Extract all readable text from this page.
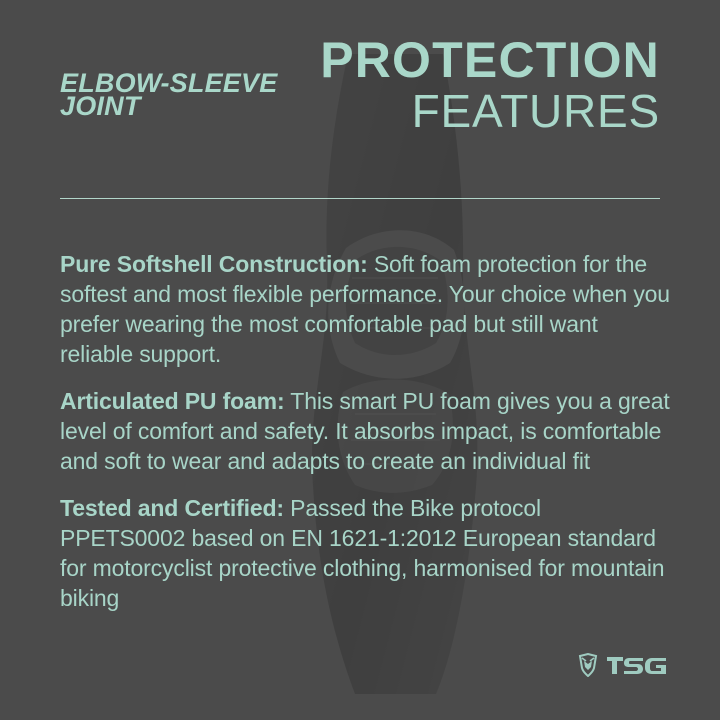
ELBOW-SLEEVE
JOINT
PROTECTION
FEATURES

Pure Softshell Construction: Soft foam protection for the softest and most flexible performance. Your choice when you prefer wearing the most comfortable pad but still want reliable support.

Articulated PU foam: This smart PU foam gives you a great level of comfort and safety. It absorbs impact, is comfortable and soft to wear and adapts to create an individual fit

Tested and Certified: Passed the Bike protocol PPETS0002 based on EN 1621-1:2012 European standard for motorcyclist protective clothing, harmonised for mountain biking
